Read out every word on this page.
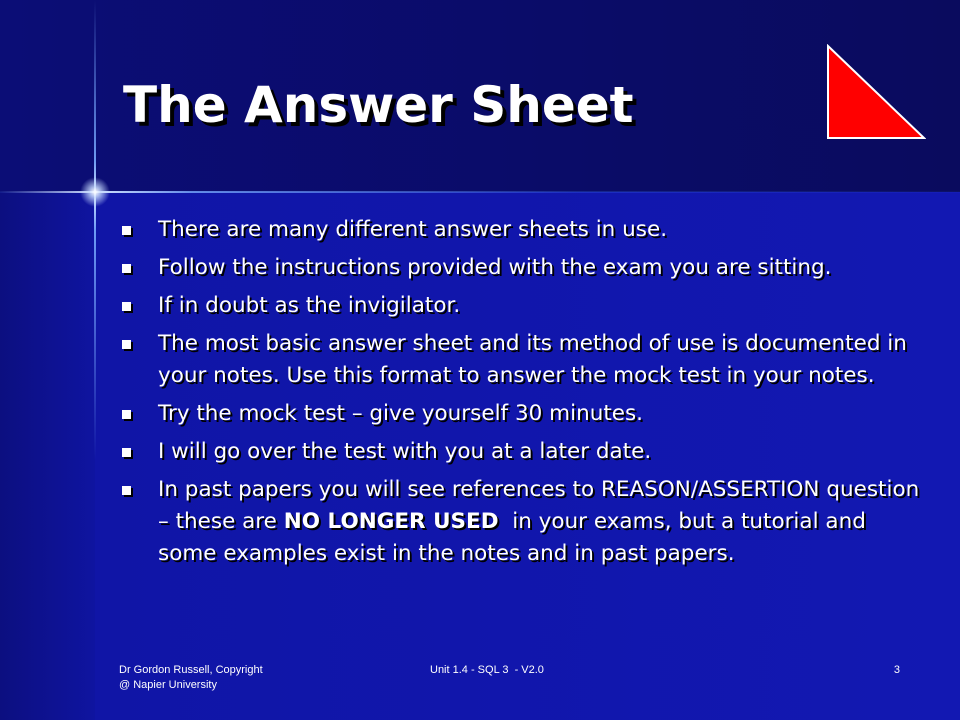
The Answer Sheet
There are many different answer sheets in use.
Follow the instructions provided with the exam you are sitting.
If in doubt as the invigilator.
The most basic answer sheet and its method of use is documented in your notes. Use this format to answer the mock test in your notes.
Try the mock test – give yourself 30 minutes.
I will go over the test with you at a later date.
In past papers you will see references to REASON/ASSERTION question – these are NO LONGER USED  in your exams, but a tutorial and some examples exist in the notes and in past papers.
Dr Gordon Russell, Copyright
@ Napier University
Unit 1.4 - SQL 3  - V2.0	3
